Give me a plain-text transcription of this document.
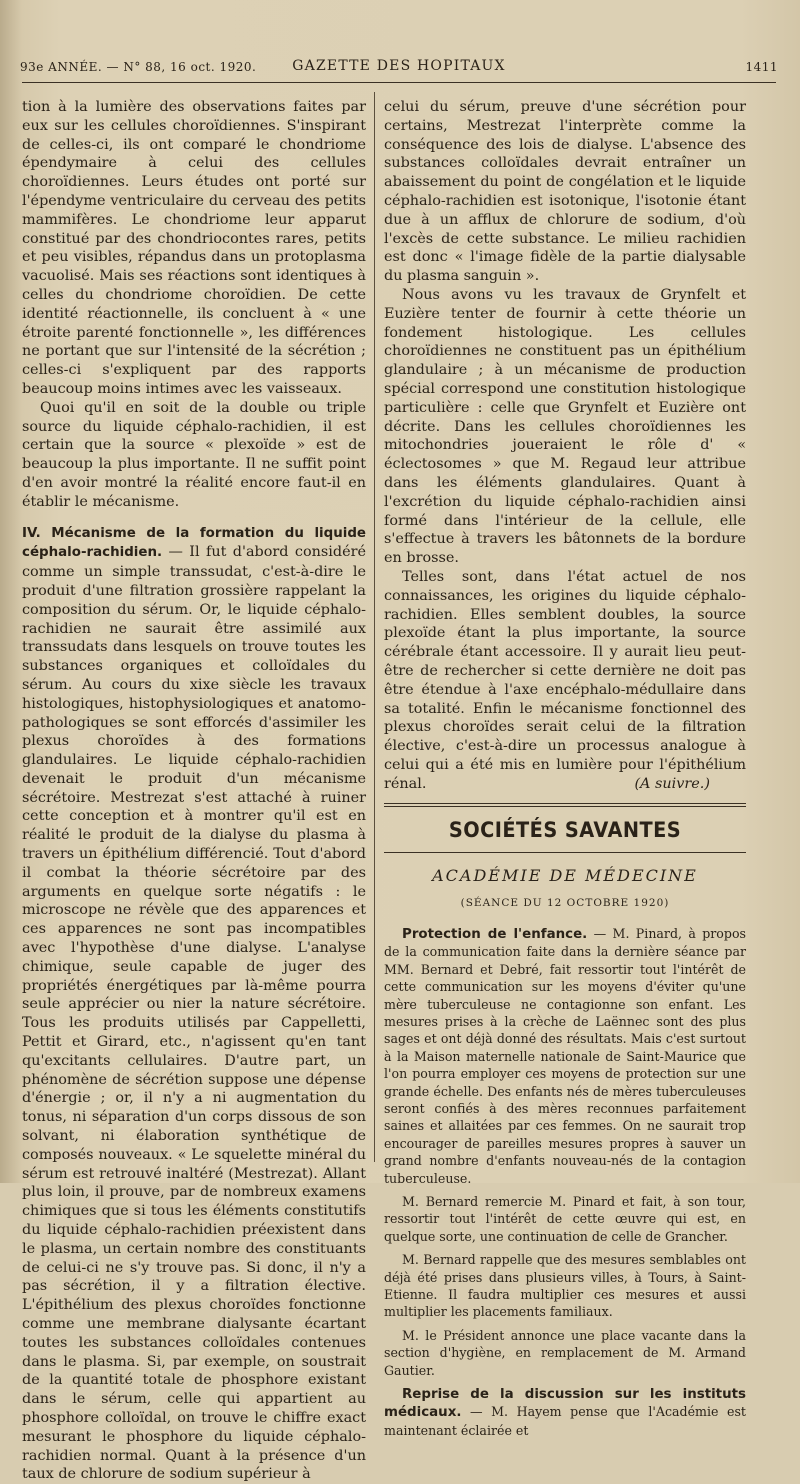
93e ANNÉE. — N° 88, 16 oct. 1920.	GAZETTE DES HOPITAUX	1411

tion à la lumière des observations faites par eux sur les cellules choroïdiennes. S'inspirant de celles-ci, ils ont comparé le chondriome épendymaire à celui des cellules choroïdiennes. Leurs études ont porté sur l'épendyme ventriculaire du cerveau des petits mammifères. Le chondriome leur apparut constitué par des chondriocontes rares, petits et peu visibles, répandus dans un protoplasma vacuolisé. Mais ses réactions sont identiques à celles du chondriome choroïdien. De cette identité réactionnelle, ils concluent à « une étroite parenté fonctionnelle », les différences ne portant que sur l'intensité de la sécrétion ; celles-ci s'expliquent par des rapports beaucoup moins intimes avec les vaisseaux.

Quoi qu'il en soit de la double ou triple source du liquide céphalo-rachidien, il est certain que la source « plexoïde » est de beaucoup la plus importante. Il ne suffit point d'en avoir montré la réalité encore faut-il en établir le mécanisme.

IV. Mécanisme de la formation du liquide céphalo-rachidien. — Il fut d'abord considéré comme un simple transsudat, c'est-à-dire le produit d'une filtration grossière rappelant la composition du sérum. Or, le liquide céphalo-rachidien ne saurait être assimilé aux transsudats dans lesquels on trouve toutes les substances organiques et colloïdales du sérum. Au cours du xixe siècle les travaux histologiques, histophysiologiques et anatomo-pathologiques se sont efforcés d'assimiler les plexus choroïdes à des formations glandulaires. Le liquide céphalo-rachidien devenait le produit d'un mécanisme sécrétoire. Mestrezat s'est attaché à ruiner cette conception et à montrer qu'il est en réalité le produit de la dialyse du plasma à travers un épithélium différencié. Tout d'abord il combat la théorie sécrétoire par des arguments en quelque sorte négatifs : le microscope ne révèle que des apparences et ces apparences ne sont pas incompatibles avec l'hypothèse d'une dialyse. L'analyse chimique, seule capable de juger des propriétés énergétiques par là-même pourra seule apprécier ou nier la nature sécrétoire. Tous les produits utilisés par Cappelletti, Pettit et Girard, etc., n'agissent qu'en tant qu'excitants cellulaires. D'autre part, un phénomène de sécrétion suppose une dépense d'énergie ; or, il n'y a ni augmentation du tonus, ni séparation d'un corps dissous de son solvant, ni élaboration synthétique de composés nouveaux. « Le squelette minéral du sérum est retrouvé inaltéré (Mestrezat). Allant plus loin, il prouve, par de nombreux examens chimiques que si tous les éléments constitutifs du liquide céphalo-rachidien préexistent dans le plasma, un certain nombre des constituants de celui-ci ne s'y trouve pas. Si donc, il n'y a pas sécrétion, il y a filtration élective. L'épithélium des plexus choroïdes fonctionne comme une membrane dialysante écartant toutes les substances colloïdales contenues dans le plasma. Si, par exemple, on soustrait de la quantité totale de phosphore existant dans le sérum, celle qui appartient au phosphore colloïdal, on trouve le chiffre exact mesurant le phosphore du liquide céphalo-rachidien normal. Quant à la présence d'un taux de chlorure de sodium supérieur à

celui du sérum, preuve d'une sécrétion pour certains, Mestrezat l'interprète comme la conséquence des lois de dialyse. L'absence des substances colloïdales devrait entraîner un abaissement du point de congélation et le liquide céphalo-rachidien est isotonique, l'isotonie étant due à un afflux de chlorure de sodium, d'où l'excès de cette substance. Le milieu rachidien est donc « l'image fidèle de la partie dialysable du plasma sanguin ».

Nous avons vu les travaux de Grynfelt et Euzière tenter de fournir à cette théorie un fondement histologique. Les cellules choroïdiennes ne constituent pas un épithélium glandulaire ; à un mécanisme de production spécial correspond une constitution histologique particulière : celle que Grynfelt et Euzière ont décrite. Dans les cellules choroïdiennes les mitochondries joueraient le rôle d' « éclectosomes » que M. Regaud leur attribue dans les éléments glandulaires. Quant à l'excrétion du liquide céphalo-rachidien ainsi formé dans l'intérieur de la cellule, elle s'effectue à travers les bâtonnets de la bordure en brosse.

Telles sont, dans l'état actuel de nos connaissances, les origines du liquide céphalo-rachidien. Elles semblent doubles, la source plexoïde étant la plus importante, la source cérébrale étant accessoire. Il y aurait lieu peut-être de rechercher si cette dernière ne doit pas être étendue à l'axe encéphalo-médullaire dans sa totalité. Enfin le mécanisme fonctionnel des plexus choroïdes serait celui de la filtration élective, c'est-à-dire un processus analogue à celui qui a été mis en lumière pour l'épithélium rénal.	(A suivre.)

SOCIÉTÉS SAVANTES
ACADÉMIE DE MÉDECINE
(SÉANCE DU 12 OCTOBRE 1920)

Protection de l'enfance. — M. Pinard, à propos de la communication faite dans la dernière séance par MM. Bernard et Debré, fait ressortir tout l'intérêt de cette communication sur les moyens d'éviter qu'une mère tuberculeuse ne contagionne son enfant. Les mesures prises à la crèche de Laënnec sont des plus sages et ont déjà donné des résultats. Mais c'est surtout à la Maison maternelle nationale de Saint-Maurice que l'on pourra employer ces moyens de protection sur une grande échelle. Des enfants nés de mères tuberculeuses seront confiés à des mères reconnues parfaitement saines et allaitées par ces femmes. On ne saurait trop encourager de pareilles mesures propres à sauver un grand nombre d'enfants nouveau-nés de la contagion tuberculeuse.

M. Bernard remercie M. Pinard et fait, à son tour, ressortir tout l'intérêt de cette œuvre qui est, en quelque sorte, une continuation de celle de Grancher.

M. Bernard rappelle que des mesures semblables ont déjà été prises dans plusieurs villes, à Tours, à Saint-Etienne. Il faudra multiplier ces mesures et aussi multiplier les placements familiaux.

M. le Président annonce une place vacante dans la section d'hygiène, en remplacement de M. Armand Gautier.

Reprise de la discussion sur les instituts médicaux. — M. Hayem pense que l'Académie est maintenant éclairée et
